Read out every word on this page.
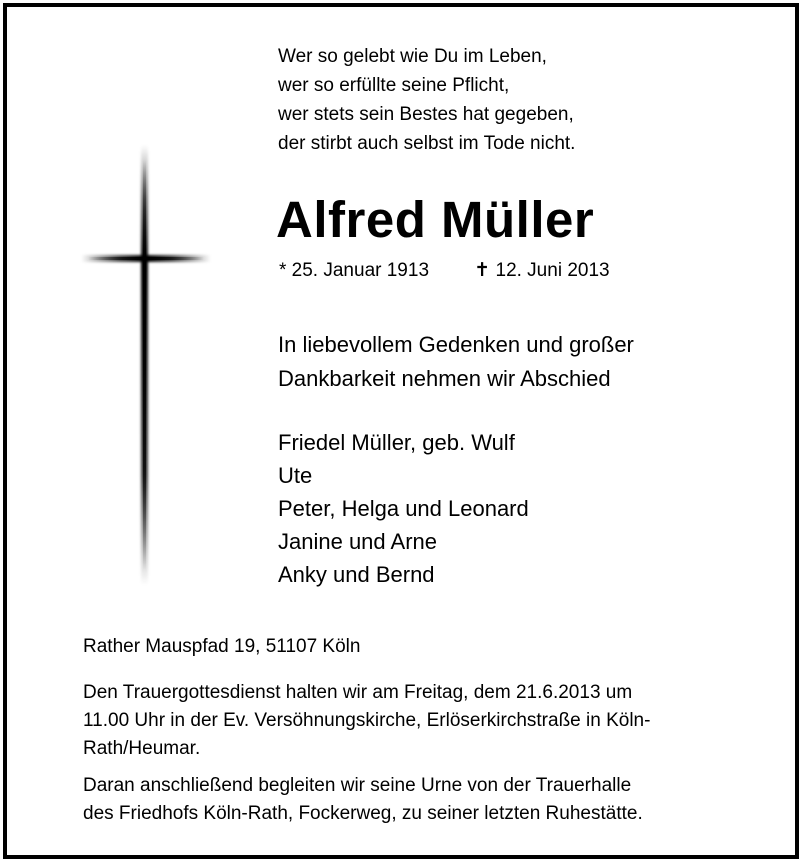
Wer so gelebt wie Du im Leben,
wer so erfüllte seine Pflicht,
wer stets sein Bestes hat gegeben,
der stirbt auch selbst im Tode nicht.
Alfred Müller
* 25. Januar 1913 ✝ 12. Juni 2013
In liebevollem Gedenken und großer
Dankbarkeit nehmen wir Abschied
Friedel Müller, geb. Wulf
Ute
Peter, Helga und Leonard
Janine und Arne
Anky und Bernd
Rather Mauspfad 19, 51107 Köln
Den Trauergottesdienst halten wir am Freitag, dem 21.6.2013 um
11.00 Uhr in der Ev. Versöhnungskirche, Erlöserkirchstraße in Köln-
Rath/Heumar.
Daran anschließend begleiten wir seine Urne von der Trauerhalle
des Friedhofs Köln-Rath, Fockerweg, zu seiner letzten Ruhestätte.
